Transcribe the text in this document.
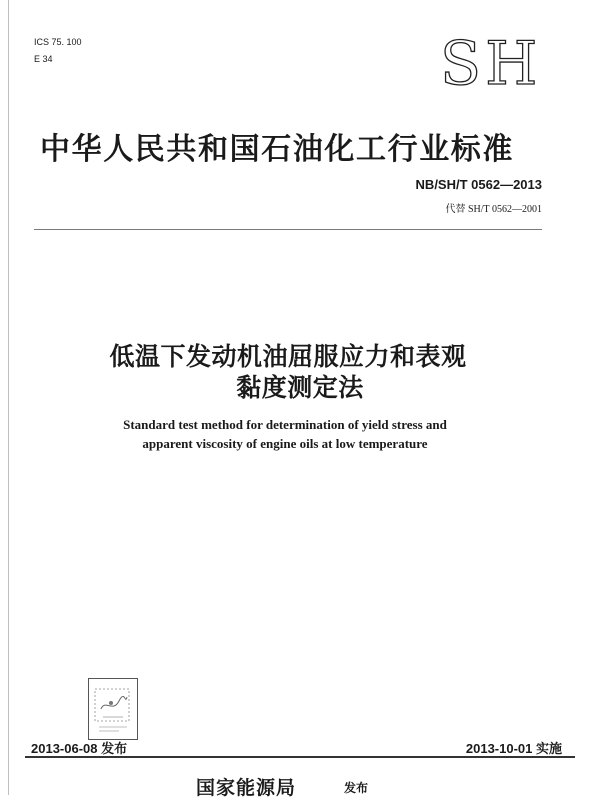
ICS 75. 100
E 34	SH
中华人民共和国石油化工行业标准
NB/SH/T 0562—2013
代替 SH/T 0562—2001
低温下发动机油屈服应力和表观
黏度测定法
Standard test method for determination of yield stress and
apparent viscosity of engine oils at low temperature
2013-06-08 发布	2013-10-01 实施
国家能源局	发布
